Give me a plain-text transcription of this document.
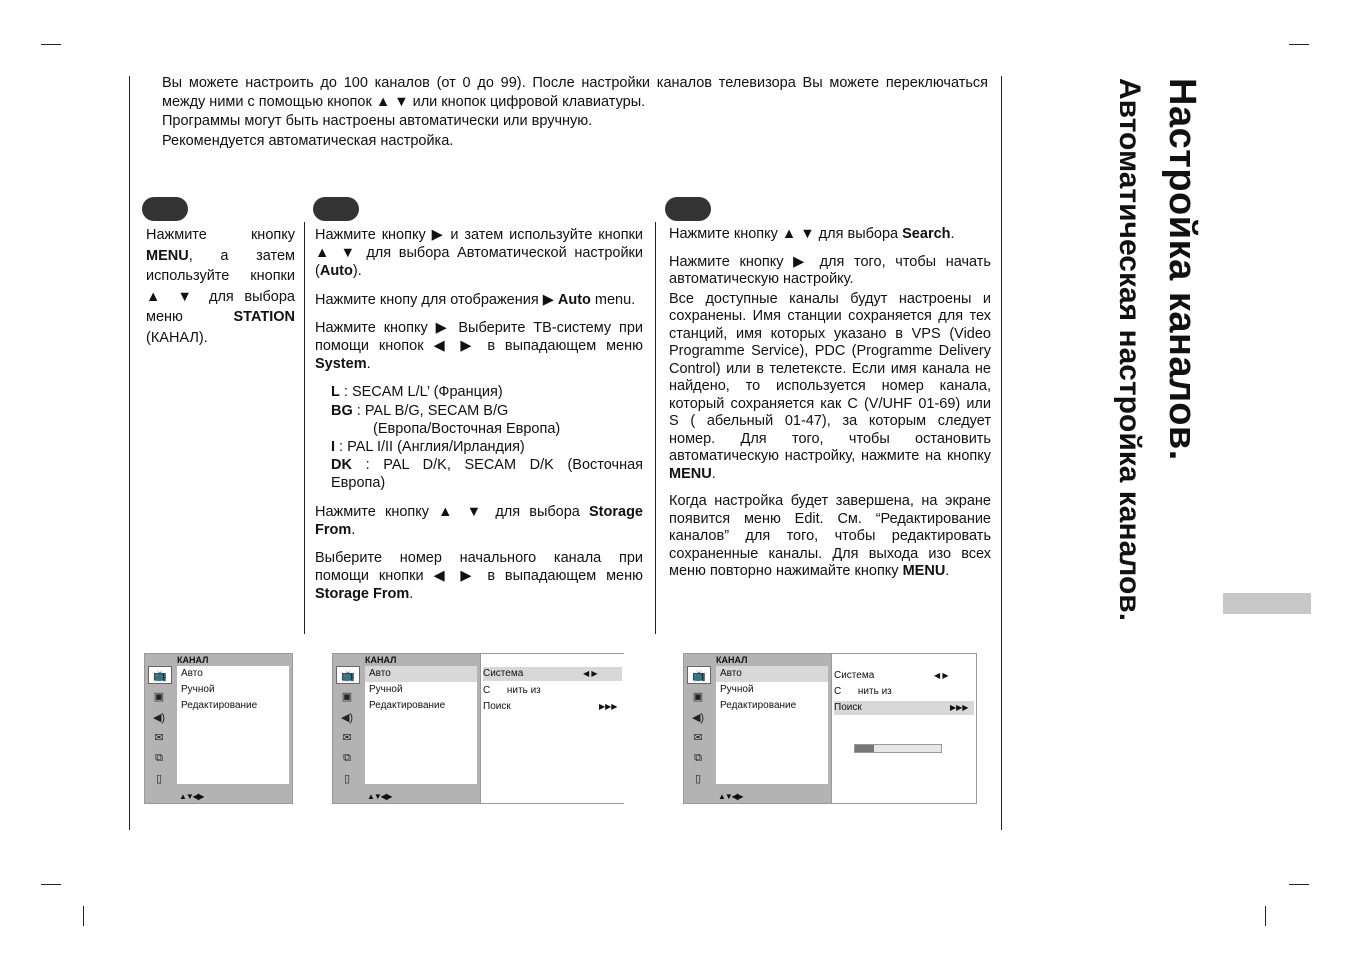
Вы можете настроить до 100 каналов (от 0 до 99). После настройки каналов телевизора Вы можете переключаться между ними с помощью кнопок ▲ ▼ или кнопок цифровой клавиатуры.

Программы могут быть настроены автоматически или вручную.

Рекомендуется автоматическая настройка.

Нажмите кнопку MENU, а затем используйте кнопки ▲ ▼ для выбора меню STATION (КАНАЛ).

Нажмите кнопку ▶ и затем используйте кнопки ▲ ▼ для выбора Автоматической настройки (Auto).

Нажмите кнопу для отображения ▶ Auto menu.

Нажмите кнопку ▶ Выберите ТВ-систему при помощи кнопок ◀ ▶ в выпадающем меню System.

L : SECAM L/L’ (Франция)
BG : PAL B/G, SECAM B/G
(Европа/Восточная Европа)
I : PAL I/II (Англия/Ирландия)
DK : PAL D/K, SECAM D/K (Восточная Европа)

Нажмите кнопку ▲ ▼ для выбора Storage From.

Выберите номер начального канала при помощи кнопки ◀ ▶ в выпадающем меню Storage From.

Нажмите кнопку ▲ ▼ для выбора Search.

Нажмите кнопку ▶ для того, чтобы начать автоматическую настройку.

Все доступные каналы будут настроены и сохранены. Имя станции сохраняется для тех станций, имя которых указано в VPS (Video Programme Service), PDC (Programme Delivery Control) или в телетексте. Если имя канала не найдено, то используется номер канала, который сохраняется как C (V/UHF 01-69) или S ( абельный 01-47), за которым следует номер. Для того, чтобы остановить автоматическую настройку, нажмите на кнопку MENU.

Когда настройка будет завершена, на экране появится меню Edit. См. “Редактирование каналов” для того, чтобы редактировать сохраненные каналы. Для выхода изо всех меню повторно нажимайте кнопку MENU.

Настройка каналов.
Автоматическая настройка каналов.
КАНАЛ
📺
▣
◀)
✉
⧉
▯
Авто
Ручной
Редактирование
▲▼◀▶
КАНАЛ
📺
▣
◀)
✉
⧉
▯
Авто
Ручной
Редактирование
▲▼◀▶
Система	◀ ▶
С      нить из
Поиск	▶▶▶
КАНАЛ
📺
▣
◀)
✉
⧉
▯
Авто
Ручной
Редактирование
▲▼◀▶
Система	◀ ▶
С      нить из
Поиск	▶▶▶
